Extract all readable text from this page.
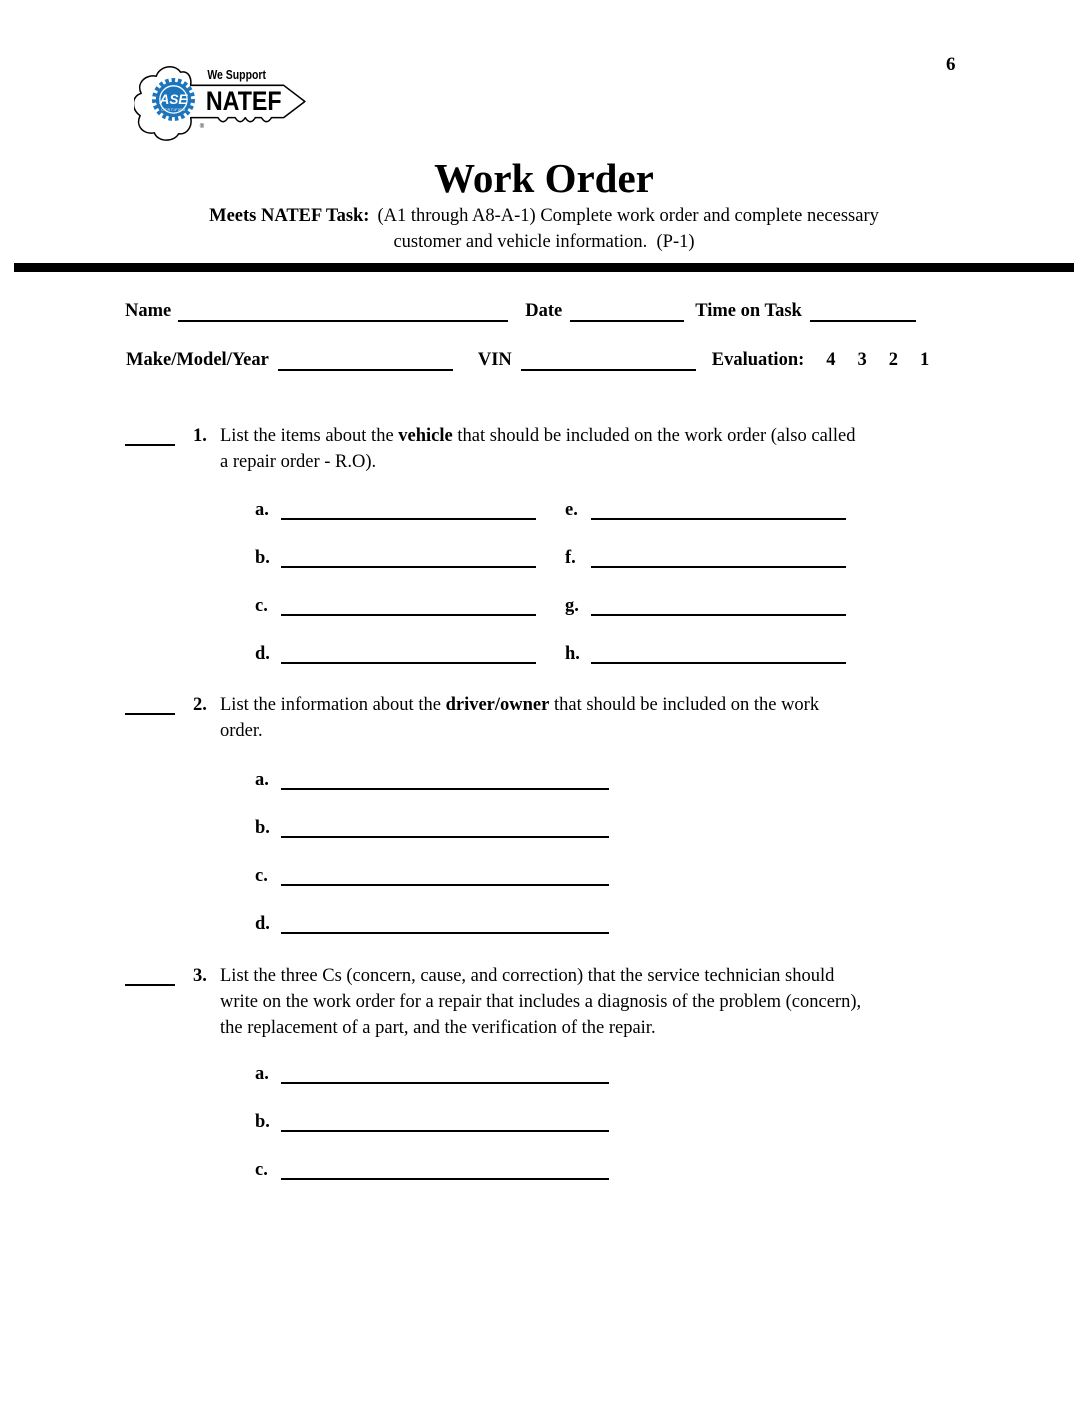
6
ASE
CERTIFIED
®
We Support
NATEF
Work Order
Meets NATEF Task: (A1 through A8-A-1) Complete work order and complete necessary
customer and vehicle information.  (P-1)
Name	Date	Time on Task
Make/Model/Year	VIN	Evaluation: 4 3 2 1
1. List the items about the vehicle that should be included on the work order (also called
a repair order - R.O).
a.
b.
c.
d.
e.
f.
g.
h.
2. List the information about the driver/owner that should be included on the work
order.
a.
b.
c.
d.
3. List the three Cs (concern, cause, and correction) that the service technician should
write on the work order for a repair that includes a diagnosis of the problem (concern),
the replacement of a part, and the verification of the repair.
a.
b.
c.
